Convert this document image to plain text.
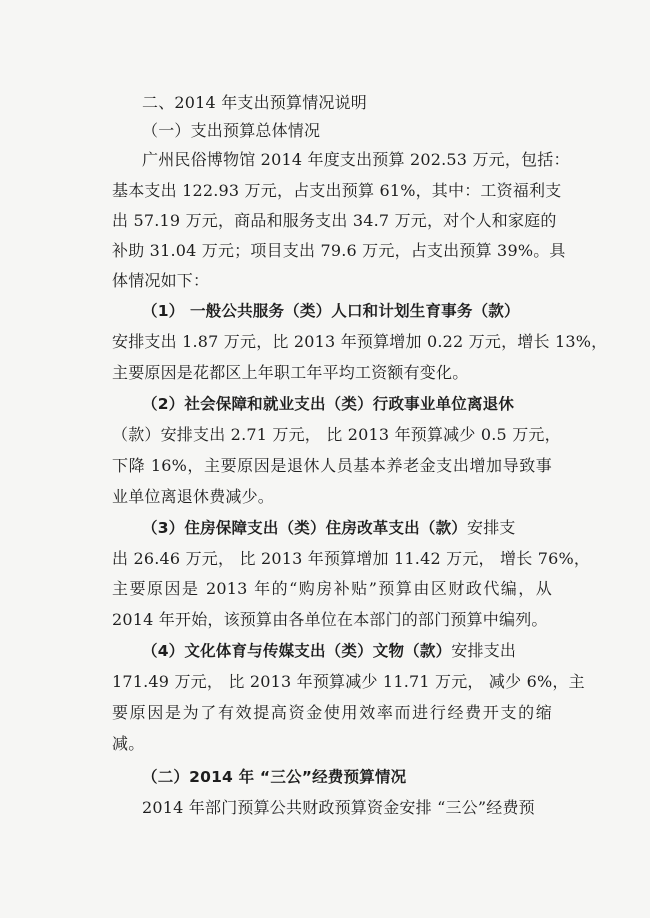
二、2014 年支出预算情况说明
（一）支出预算总体情况
广州民俗博物馆 2014 年度支出预算 202.53 万元，包括：
基本支出 122.93 万元，占支出预算 61%，其中：工资福利支
出 57.19 万元，商品和服务支出 34.7 万元，对个人和家庭的
补助 31.04 万元；项目支出 79.6 万元，占支出预算 39%。具
体情况如下：
（1） 一般公共服务（类）人口和计划生育事务（款）
安排支出 1.87 万元，比 2013 年预算增加 0.22 万元，增长 13%，
主要原因是花都区上年职工年平均工资额有变化。
（2）社会保障和就业支出（类）行政事业单位离退休
（款）安排支出 2.71 万元， 比 2013 年预算减少 0.5 万元，
下降 16%，主要原因是退休人员基本养老金支出增加导致事
业单位离退休费减少。
（3）住房保障支出（类）住房改革支出（款）安排支
出 26.46 万元， 比 2013 年预算增加 11.42 万元， 增长 76%，
主要原因是 2013 年的“购房补贴”预算由区财政代编，从
2014 年开始，该预算由各单位在本部门的部门预算中编列。
（4）文化体育与传媒支出（类）文物（款）安排支出
171.49 万元， 比 2013 年预算减少 11.71 万元， 减少 6%，主
要原因是为了有效提高资金使用效率而进行经费开支的缩
减。
（二）2014 年 “三公”经费预算情况
2014 年部门预算公共财政预算资金安排 “三公”经费预
